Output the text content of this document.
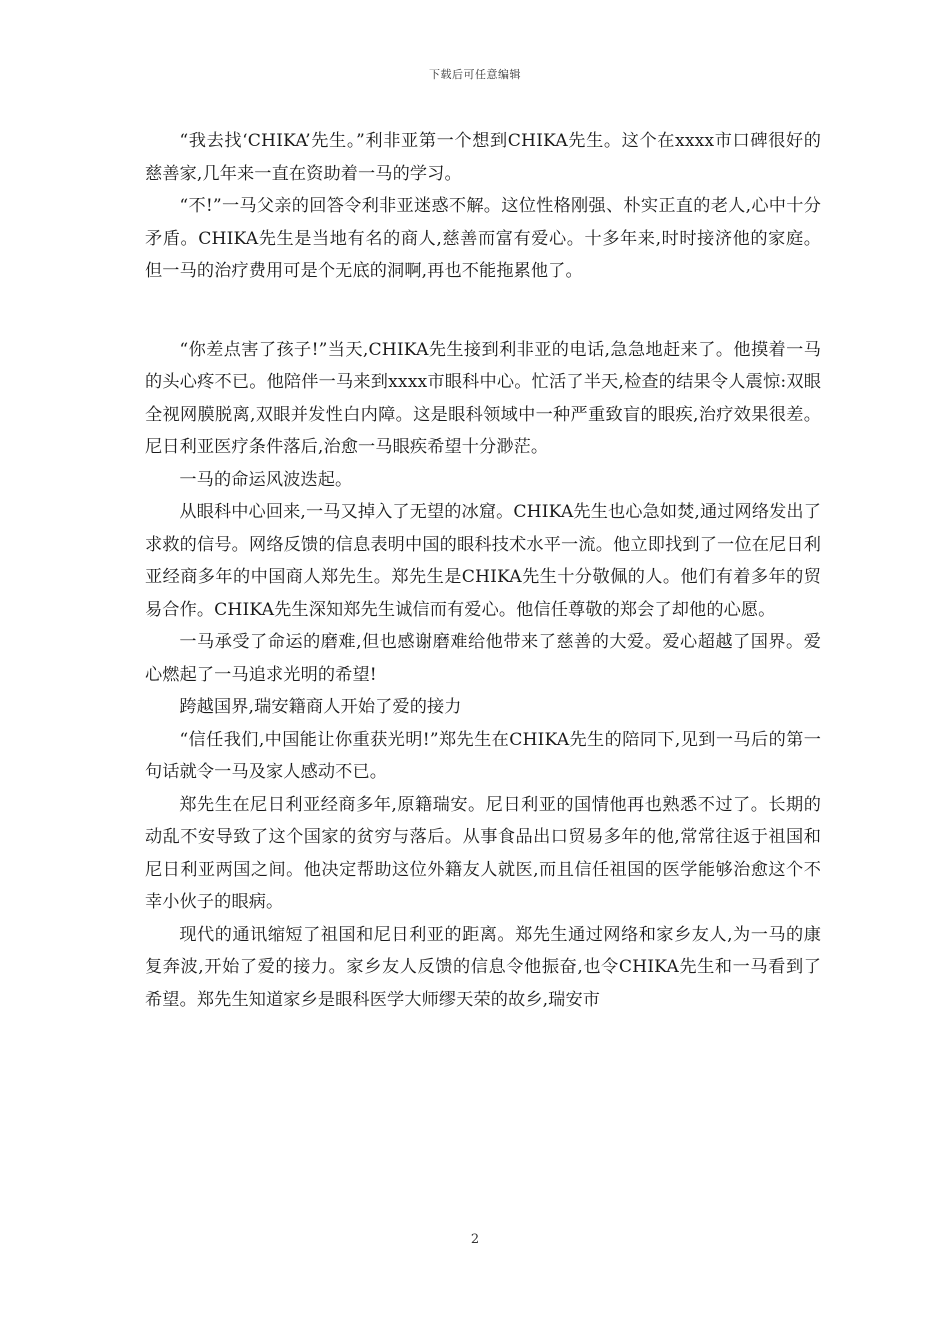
下载后可任意编辑

“我去找‘CHIKA’先生。”利非亚第一个想到CHIKA先生。这个在xxxx市口碑很好的慈善家,几年来一直在资助着一马的学习。

“不!”一马父亲的回答令利非亚迷惑不解。这位性格刚强、朴实正直的老人,心中十分矛盾。CHIKA先生是当地有名的商人,慈善而富有爱心。十多年来,时时接济他的家庭。但一马的治疗费用可是个无底的洞啊,再也不能拖累他了。

“你差点害了孩子!”当天,CHIKA先生接到利非亚的电话,急急地赶来了。他摸着一马的头心疼不已。他陪伴一马来到xxxx市眼科中心。忙活了半天,检查的结果令人震惊:双眼全视网膜脱离,双眼并发性白内障。这是眼科领域中一种严重致盲的眼疾,治疗效果很差。尼日利亚医疗条件落后,治愈一马眼疾希望十分渺茫。

一马的命运风波迭起。

从眼科中心回来,一马又掉入了无望的冰窟。CHIKA先生也心急如焚,通过网络发出了求救的信号。网络反馈的信息表明中国的眼科技术水平一流。他立即找到了一位在尼日利亚经商多年的中国商人郑先生。郑先生是CHIKA先生十分敬佩的人。他们有着多年的贸易合作。CHIKA先生深知郑先生诚信而有爱心。他信任尊敬的郑会了却他的心愿。

一马承受了命运的磨难,但也感谢磨难给他带来了慈善的大爱。爱心超越了国界。爱心燃起了一马追求光明的希望!

跨越国界,瑞安籍商人开始了爱的接力

“信任我们,中国能让你重获光明!”郑先生在CHIKA先生的陪同下,见到一马后的第一句话就令一马及家人感动不已。

郑先生在尼日利亚经商多年,原籍瑞安。尼日利亚的国情他再也熟悉不过了。长期的动乱不安导致了这个国家的贫穷与落后。从事食品出口贸易多年的他,常常往返于祖国和尼日利亚两国之间。他决定帮助这位外籍友人就医,而且信任祖国的医学能够治愈这个不幸小伙子的眼病。

现代的通讯缩短了祖国和尼日利亚的距离。郑先生通过网络和家乡友人,为一马的康复奔波,开始了爱的接力。家乡友人反馈的信息令他振奋,也令CHIKA先生和一马看到了希望。郑先生知道家乡是眼科医学大师缪天荣的故乡,瑞安市

2
